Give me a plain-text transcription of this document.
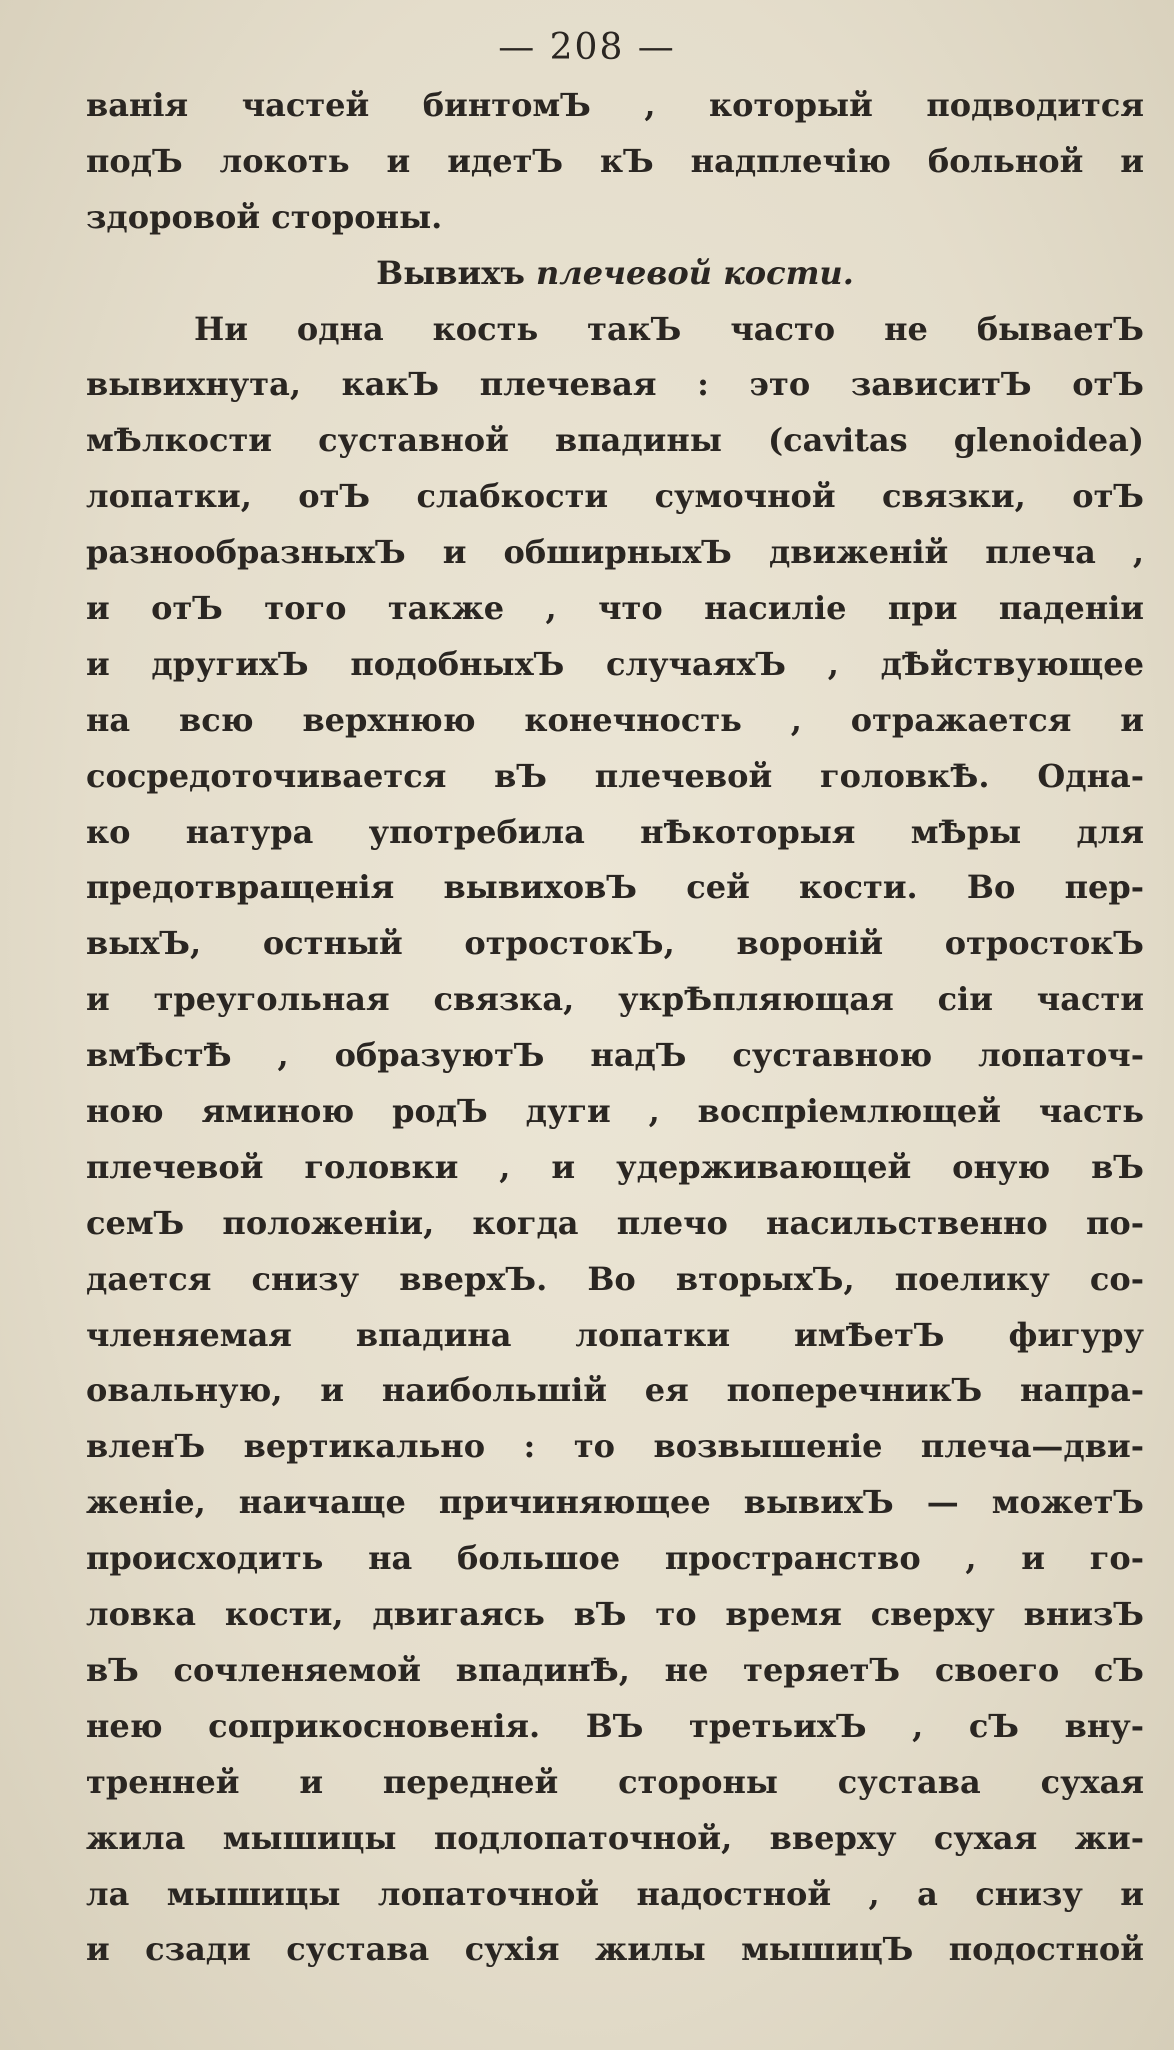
— 208 —
ванія частей бинтомЪ , который подводится
подЪ локоть и идетЪ кЪ надплечію больной и
здоровой стороны.
Вывихъ плечевой кости.
Ни одна кость такЪ часто не бываетЪ
вывихнута, какЪ плечевая : это зависитЪ отЪ
мѢлкости суставной впадины (cavitas glenoidea)
лопатки, отЪ слабкости сумочной связки, отЪ
разнообразныхЪ и обширныхЪ движеній плеча ,
и отЪ того также , что насиліе при паденіи
и другихЪ подобныхЪ случаяхЪ , дѢйствующее
на всю верхнюю конечность , отражается и
сосредоточивается вЪ плечевой головкѢ. Одна-
ко натура употребила нѢкоторыя мѢры для
предотвращенія вывиховЪ сей кости. Во пер-
выхЪ, остный отростокЪ, вороній отростокЪ
и треугольная связка, укрѢпляющая сіи части
вмѢстѢ , образуютЪ надЪ суставною лопаточ-
ною яминою родЪ дуги , воспріемлющей часть
плечевой головки , и удерживающей оную вЪ
семЪ положеніи, когда плечо насильственно по-
дается снизу вверхЪ. Во вторыхЪ, поелику со-
членяемая впадина лопатки имѢетЪ фигуру
овальную, и наибольшій ея поперечникЪ напра-
вленЪ вертикально : то возвышеніе плеча—дви-
женіе, наичаще причиняющее вывихЪ — можетЪ
происходить на большое пространство , и го-
ловка кости, двигаясь вЪ то время сверху внизЪ
вЪ сочленяемой впадинѢ, не теряетЪ своего сЪ
нею соприкосновенія. ВЪ третьихЪ , сЪ вну-
тренней и передней стороны сустава сухая
жила мышицы подлопаточной, вверху сухая жи-
ла мышицы лопаточной надостной , а снизу и
и сзади сустава сухія жилы мышицЪ подостной
